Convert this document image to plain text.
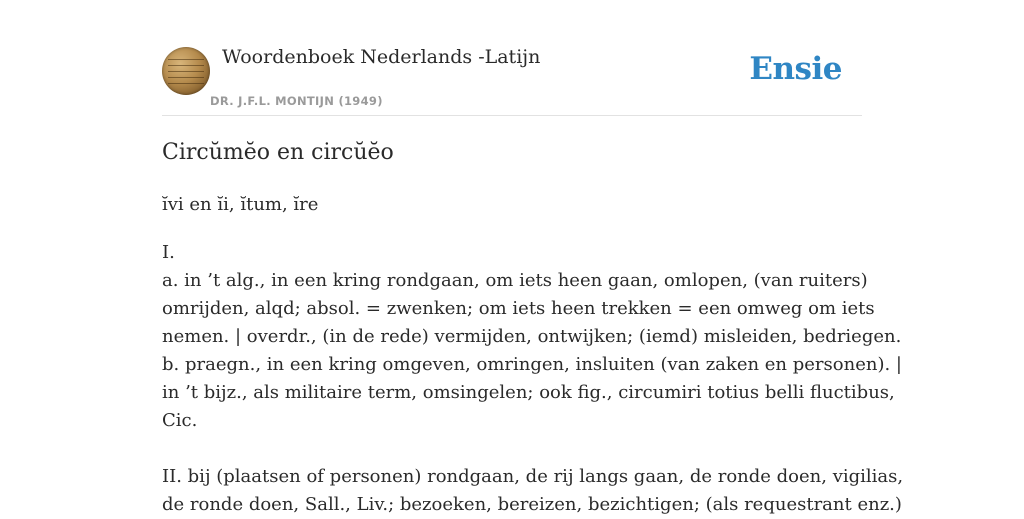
Woordenboek Nederlands -Latijn
DR. J.F.L. MONTIJN (1949)
Ensie
Circŭmĕo en circŭĕo
ĭvi en ĭi, ĭtum, ĭre
I.
a. in ’t alg., in een kring rondgaan, om iets heen gaan, omlopen, (van ruiters)
omrijden, alqd; absol. = zwenken; om iets heen trekken = een omweg om iets
nemen. | overdr., (in de rede) vermijden, ontwijken; (iemd) misleiden, bedriegen.
b. praegn., in een kring omgeven, omringen, insluiten (van zaken en personen). |
in ’t bijz., als militaire term, omsingelen; ook fig., circumiri totius belli fluctibus,
Cic.
II. bij (plaatsen of personen) rondgaan, de rij langs gaan, de ronde doen, vigilias,
de ronde doen, Sall., Liv.; bezoeken, bereizen, bezichtigen; (als requestrant enz.)
